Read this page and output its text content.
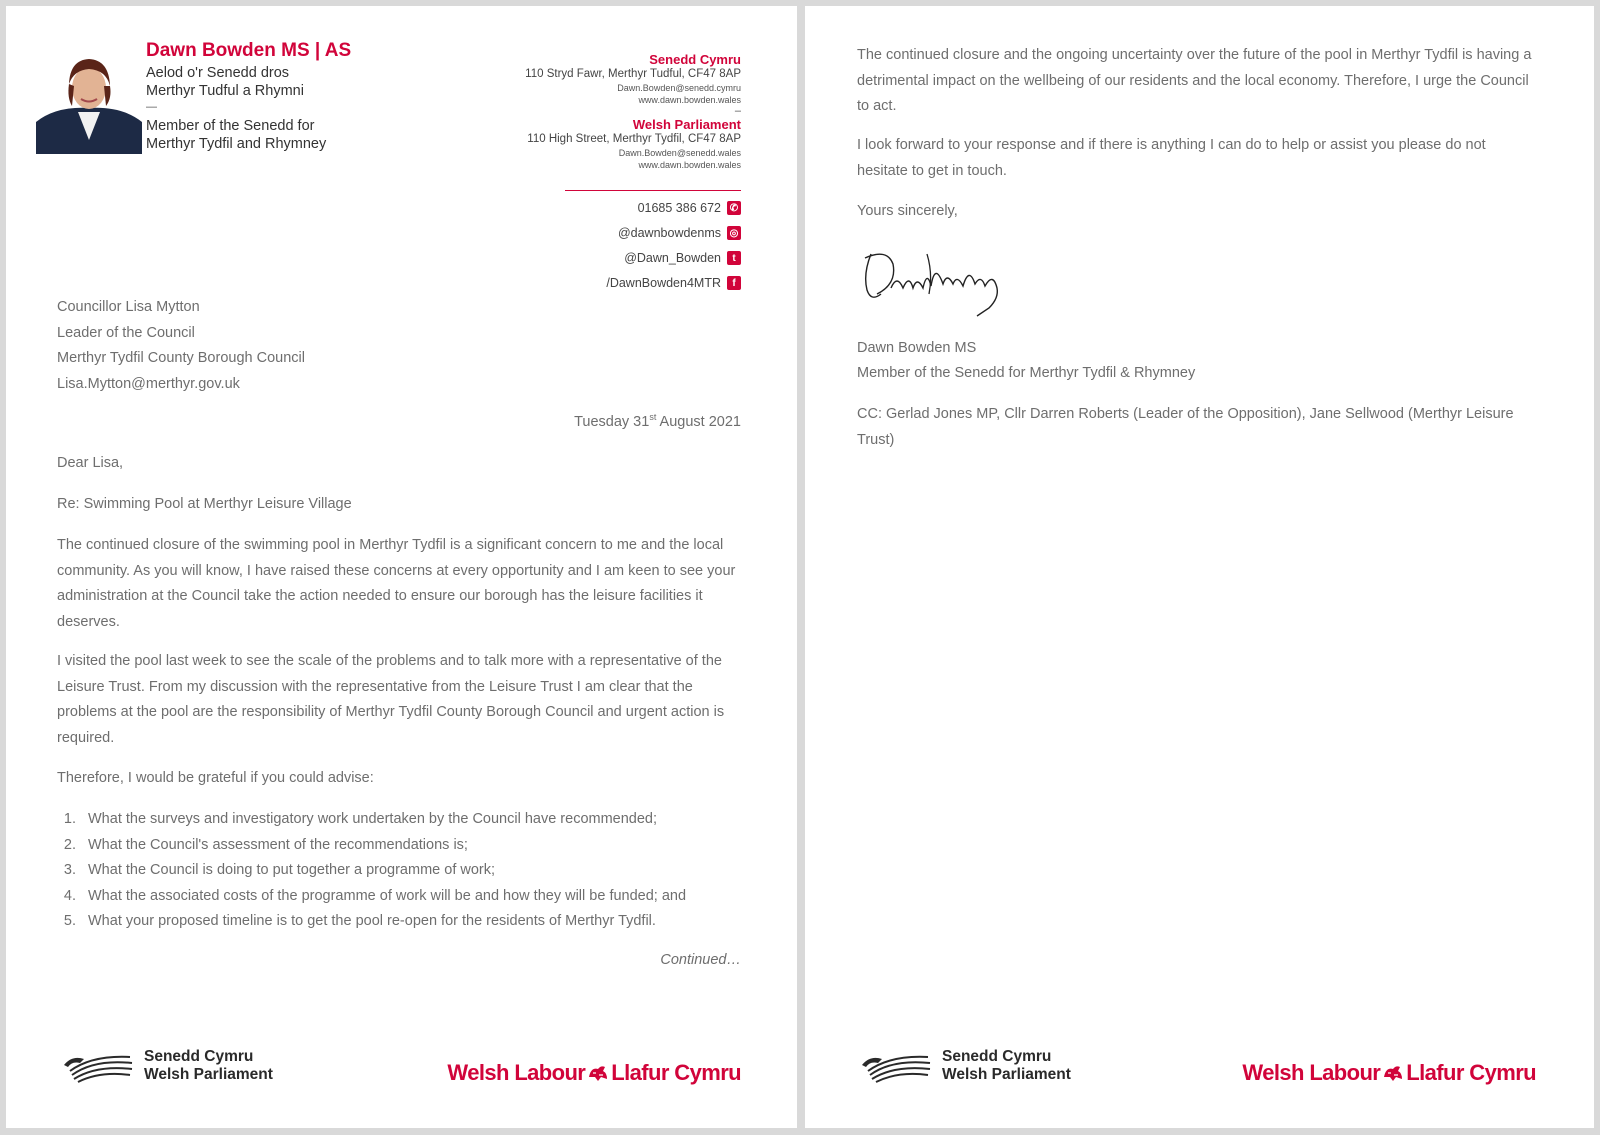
Dawn Bowden MS | AS
Aelod o'r Senedd dros
Merthyr Tudful a Rhymni
—
Member of the Senedd for
Merthyr Tydfil and Rhymney
Senedd Cymru
110 Stryd Fawr, Merthyr Tudful, CF47 8AP
Dawn.Bowden@senedd.cymru
www.dawn.bowden.wales
–
Welsh Parliament
110 High Street, Merthyr Tydfil, CF47 8AP
Dawn.Bowden@senedd.wales
www.dawn.bowden.wales
01685 386 672 ✆
@dawnbowdenms ◎
@Dawn_Bowden	t
/DawnBowden4MTR	f
Councillor Lisa Mytton
Leader of the Council
Merthyr Tydfil County Borough Council
Lisa.Mytton@merthyr.gov.uk
Tuesday 31st August 2021
Dear Lisa,
Re: Swimming Pool at Merthyr Leisure Village
The continued closure of the swimming pool in Merthyr Tydfil is a significant concern to me and the local community. As you will know, I have raised these concerns at every opportunity and I am keen to see your administration at the Council take the action needed to ensure our borough has the leisure facilities it deserves.
I visited the pool last week to see the scale of the problems and to talk more with a representative of the Leisure Trust. From my discussion with the representative from the Leisure Trust I am clear that the problems at the pool are the responsibility of Merthyr Tydfil County Borough Council and urgent action is required.
Therefore, I would be grateful if you could advise:
1. What the surveys and investigatory work undertaken by the Council have recommended;
2. What the Council's assessment of the recommendations is;
3. What the Council is doing to put together a programme of work;
4. What the associated costs of the programme of work will be and how they will be funded; and
5. What your proposed timeline is to get the pool re-open for the residents of Merthyr Tydfil.
Continued…
Senedd Cymru
Welsh Parliament	Welsh Labour Llafur Cymru
The continued closure and the ongoing uncertainty over the future of the pool in Merthyr Tydfil is having a detrimental impact on the wellbeing of our residents and the local economy. Therefore, I urge the Council to act.
I look forward to your response and if there is anything I can do to help or assist you please do not hesitate to get in touch.
Yours sincerely,
Dawn Bowden MS
Member of the Senedd for Merthyr Tydfil & Rhymney
CC: Gerlad Jones MP, Cllr Darren Roberts (Leader of the Opposition), Jane Sellwood (Merthyr Leisure Trust)
Senedd Cymru
Welsh Parliament	Welsh Labour Llafur Cymru
